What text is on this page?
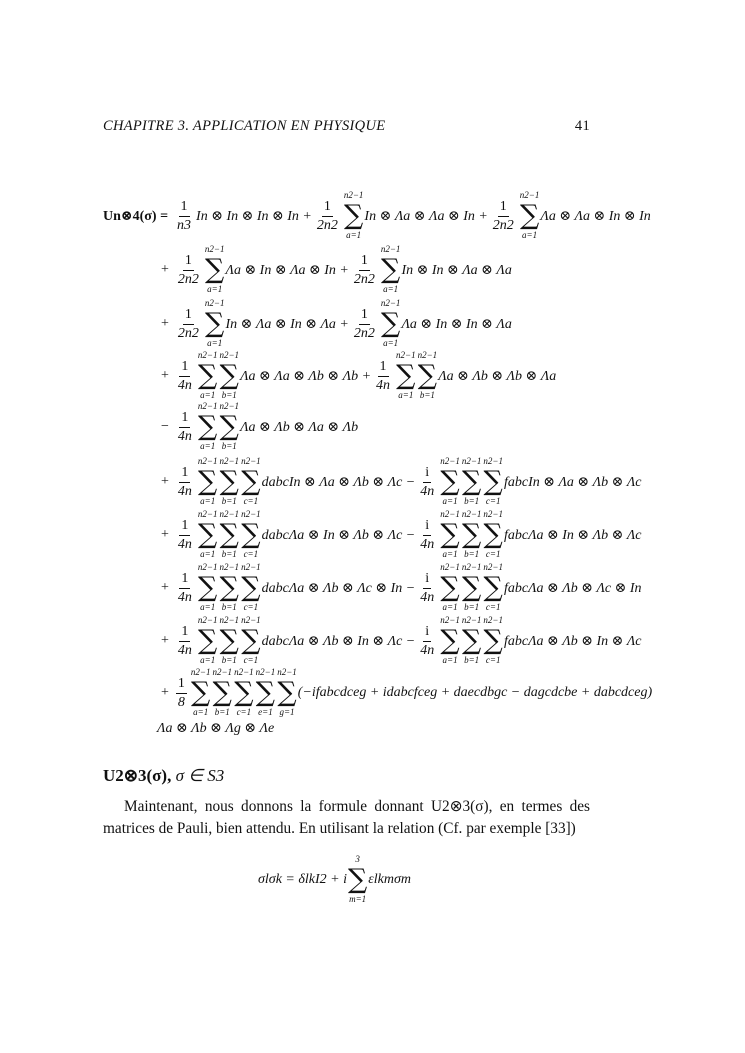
CHAPITRE 3. APPLICATION EN PHYSIQUE	41
Un⊗4(σ) = $\frac{1}{n3}$ In ⊗ In ⊗ In ⊗ $In + \frac{1}{2n2}$
n2−1
∑
a=1
In ⊗ Λa ⊗ Λa ⊗ $In + \frac{1}{2n2}$
n2−1
∑
a=1
Λa ⊗ Λa ⊗ In ⊗ In
+ $\frac{1}{2n2}$
n2−1
∑
a=1
Λa ⊗ In ⊗ Λa ⊗ $In + \frac{1}{2n2}$
n2−1
∑
a=1
In ⊗ In ⊗ Λa ⊗ Λa
+ $\frac{1}{2n2}$
n2−1
∑
a=1
In ⊗ Λa ⊗ In ⊗ $\Lambda a + \frac{1}{2n2}$
n2−1
∑
a=1
Λa ⊗ In ⊗ In ⊗ Λa
+ $\frac{1}{4n}$
n2−1
∑
a=1
n2−1
∑
b=1
Λa ⊗ Λa ⊗ Λb ⊗ $\Lambda b + \frac{1}{4n}$
n2−1
∑
a=1
n2−1
∑
b=1
Λa ⊗ Λb ⊗ Λb ⊗ Λa
− $\frac{1}{4n}$
n2−1
∑
a=1
n2−1
∑
b=1
Λa ⊗ Λb ⊗ Λa ⊗ Λb
+ $\frac{1}{4n}$
n2−1
∑
a=1
n2−1
∑
b=1
n2−1
∑
c=1
dabcIn ⊗ Λa ⊗ Λb ⊗ $\Lambda c - \frac{i}{4n}$
n2−1
∑
a=1
n2−1
∑
b=1
n2−1
∑
c=1
fabcIn ⊗ Λa ⊗ Λb ⊗ Λc
+ $\frac{1}{4n}$
n2−1
∑
a=1
n2−1
∑
b=1
n2−1
∑
c=1
dabcΛa ⊗ In ⊗ Λb ⊗ $\Lambda c - \frac{i}{4n}$
n2−1
∑
a=1
n2−1
∑
b=1
n2−1
∑
c=1
fabcΛa ⊗ In ⊗ Λb ⊗ Λc
+ $\frac{1}{4n}$
n2−1
∑
a=1
n2−1
∑
b=1
n2−1
∑
c=1
dabcΛa ⊗ Λb ⊗ Λc ⊗ $In - \frac{i}{4n}$
n2−1
∑
a=1
n2−1
∑
b=1
n2−1
∑
c=1
fabcΛa ⊗ Λb ⊗ Λc ⊗ In
+ $\frac{1}{4n}$
n2−1
∑
a=1
n2−1
∑
b=1
n2−1
∑
c=1
dabcΛa ⊗ Λb ⊗ In ⊗ $\Lambda c - \frac{i}{4n}$
n2−1
∑
a=1
n2−1
∑
b=1
n2−1
∑
c=1
fabcΛa ⊗ Λb ⊗ In ⊗ Λc
+ $\frac{1}{8}$
n2−1
∑
a=1
n2−1
∑
b=1
n2−1
∑
c=1
n2−1
∑
e=1
n2−1
∑
g=1
(−ifabcdceg + idabcfceg + daecdbgc − dagcdcbe + dabcdceg)
Λa ⊗ Λb ⊗ Λg ⊗ Λe
U2⊗3(σ), σ ∈ S3

Maintenant, nous donnons la formule donnant U2⊗3(σ), en termes des matrices de Pauli, bien attendu. En utilisant la relation (Cf. par exemple [33])

σlσk = δlkI2 + i
3
∑
m=1
εlkmσm
